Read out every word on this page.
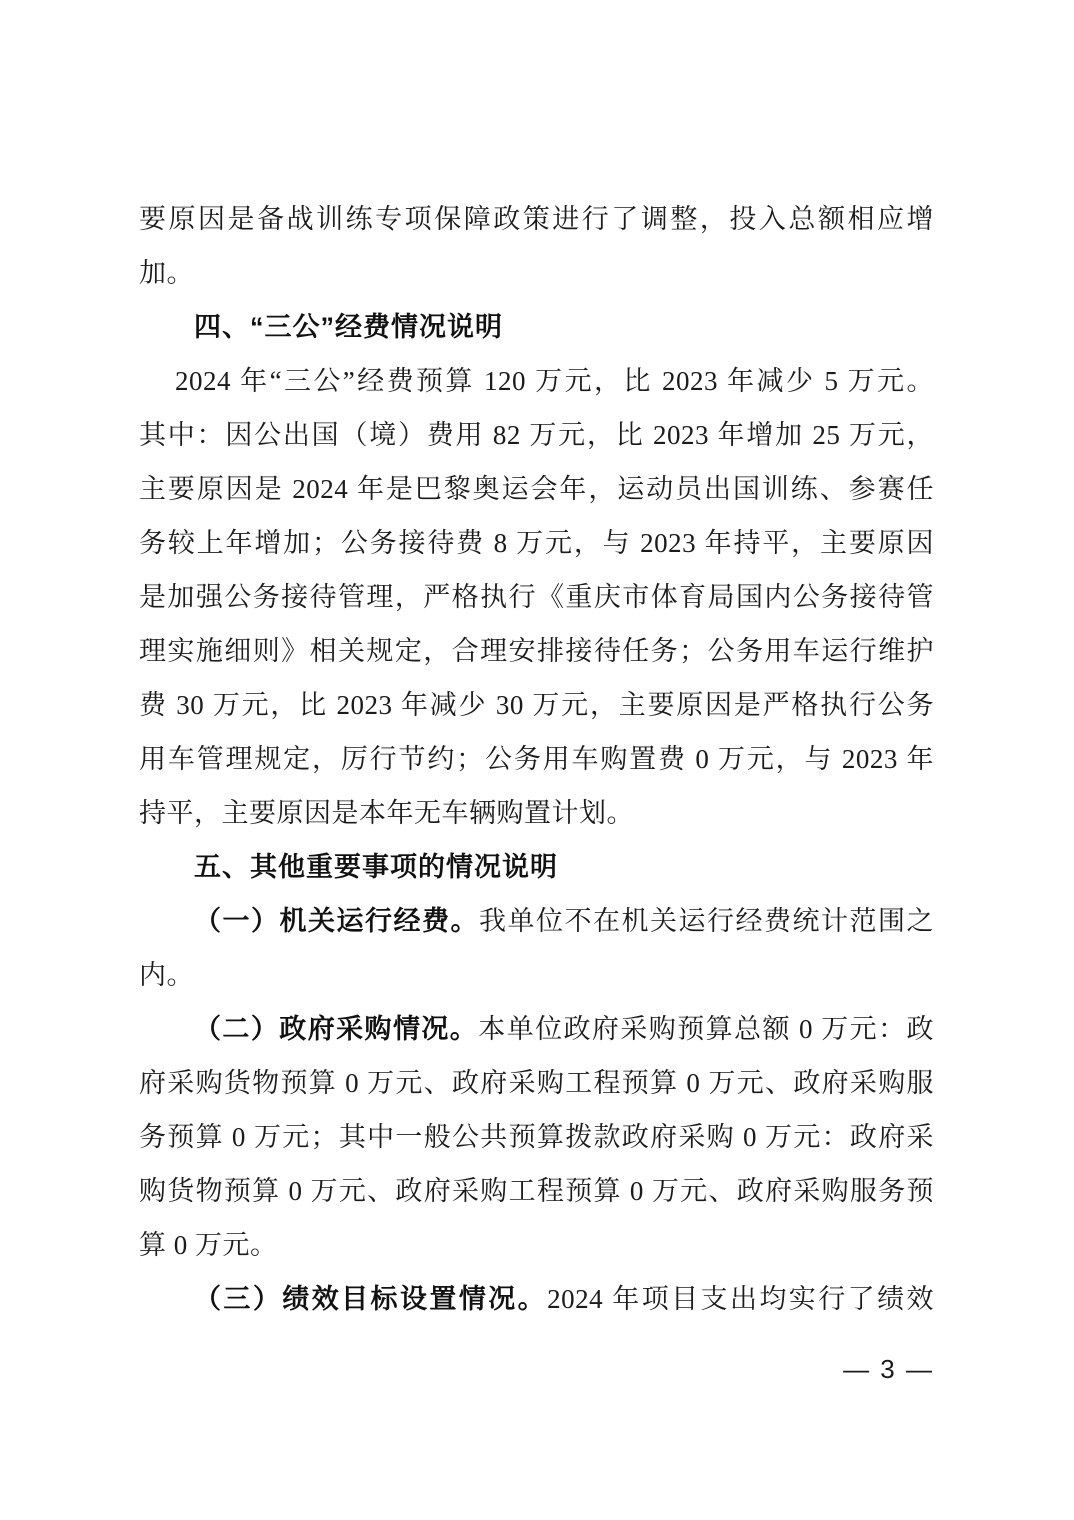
要原因是备战训练专项保障政策进行了调整，投入总额相应增
加。
四、“三公”经费情况说明
2024 年“三公”经费预算 120 万元，比 2023 年减少 5 万元。
其中：因公出国（境）费用 82 万元，比 2023 年增加 25 万元，
主要原因是 2024 年是巴黎奥运会年，运动员出国训练、参赛任
务较上年增加；公务接待费 8 万元，与 2023 年持平，主要原因
是加强公务接待管理，严格执行《重庆市体育局国内公务接待管
理实施细则》相关规定，合理安排接待任务；公务用车运行维护
费 30 万元，比 2023 年减少 30 万元，主要原因是严格执行公务
用车管理规定，厉行节约；公务用车购置费 0 万元，与 2023 年
持平，主要原因是本年无车辆购置计划。
五、其他重要事项的情况说明
（一）机关运行经费。我单位不在机关运行经费统计范围之
内。
（二）政府采购情况。本单位政府采购预算总额 0 万元：政
府采购货物预算 0 万元、政府采购工程预算 0 万元、政府采购服
务预算 0 万元；其中一般公共预算拨款政府采购 0 万元：政府采
购货物预算 0 万元、政府采购工程预算 0 万元、政府采购服务预
算 0 万元。
（三）绩效目标设置情况。2024 年项目支出均实行了绩效
— 3 —
